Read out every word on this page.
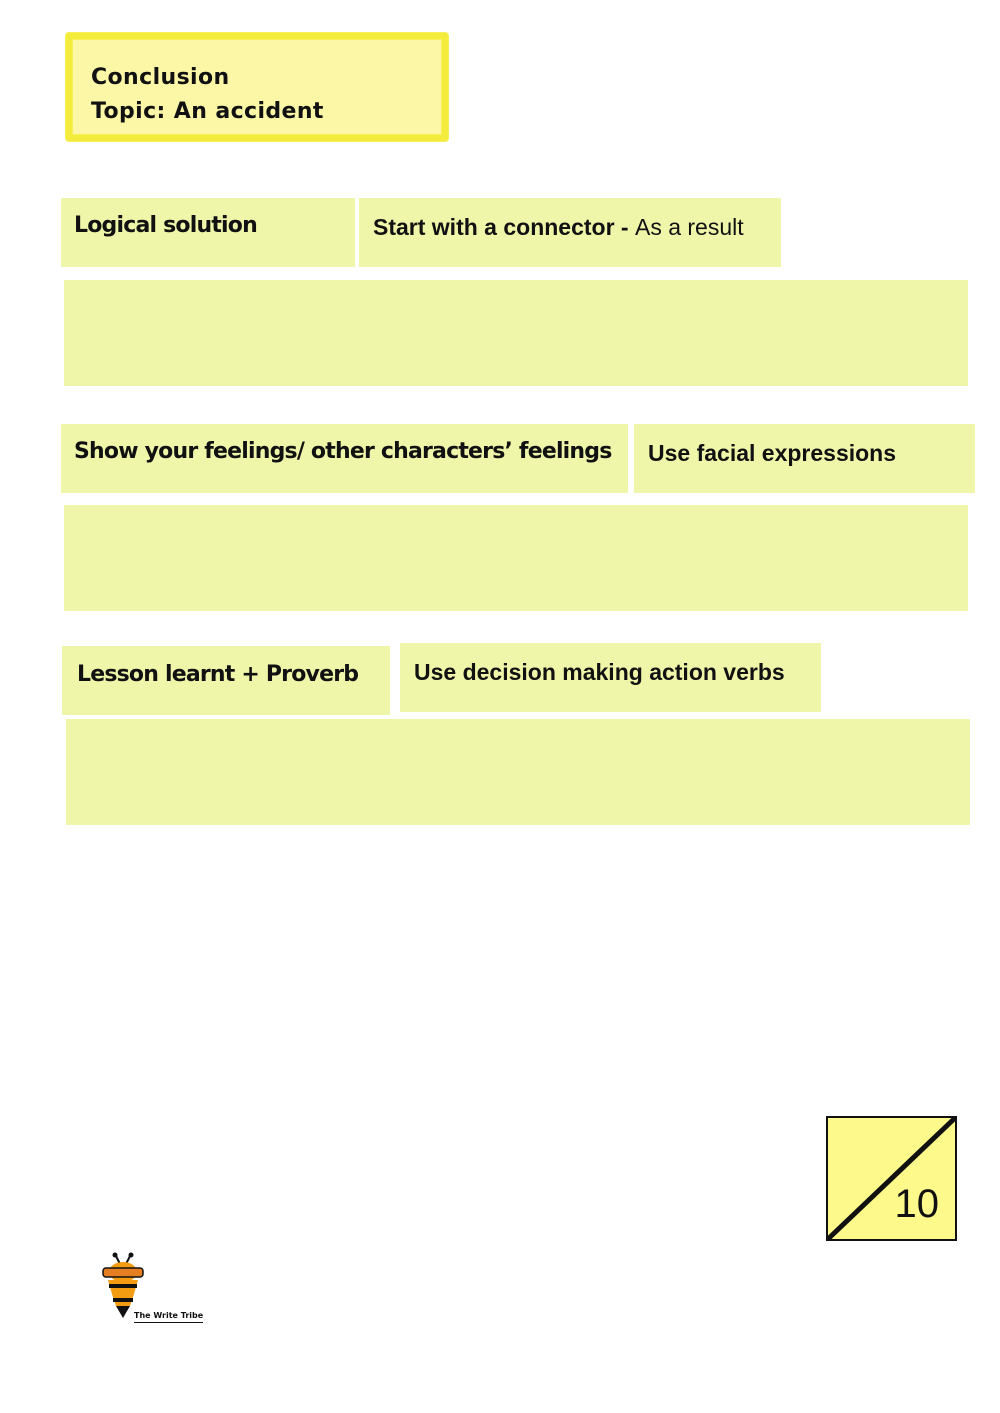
Conclusion
Topic: An accident
Logical solution	Start with a connector - As a result
Show your feelings/ other characters’ feelings	Use facial expressions
Lesson learnt + Proverb	Use decision making action verbs
10
The Write Tribe
